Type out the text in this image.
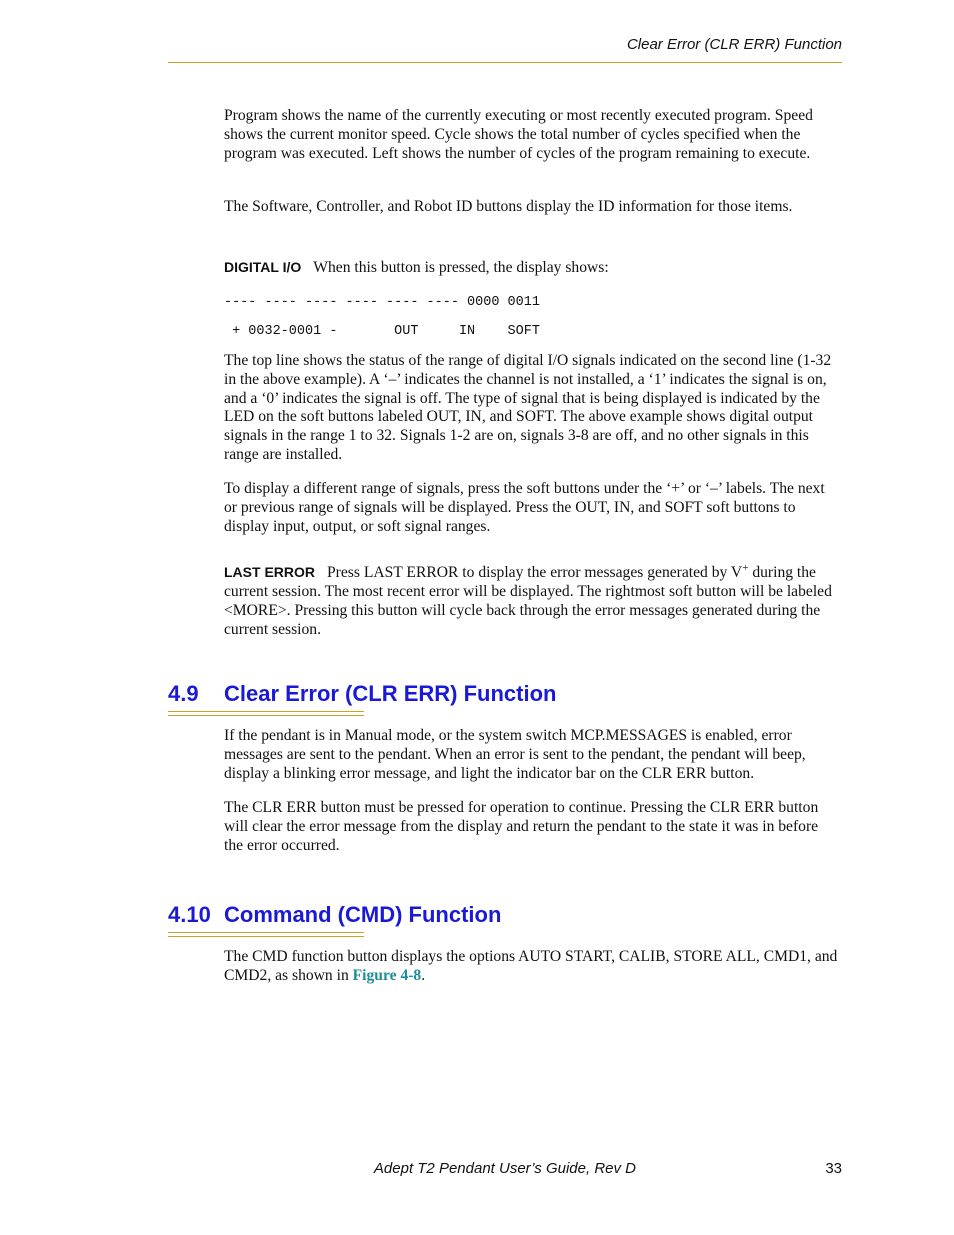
Clear Error (CLR ERR) Function

Program shows the name of the currently executing or most recently executed program. Speed shows the current monitor speed. Cycle shows the total number of cycles specified when the program was executed. Left shows the number of cycles of the program remaining to execute.

The Software, Controller, and Robot ID buttons display the ID information for those items.

DIGITAL I/O When this button is pressed, the display shows:

---- ---- ---- ---- ---- ---- 0000 0011
+ 0032-0001 -       OUT     IN    SOFT

The top line shows the status of the range of digital I/O signals indicated on the second line (1-32 in the above example). A ‘–’ indicates the channel is not installed, a ‘1’ indicates the signal is on, and a ‘0’ indicates the signal is off. The type of signal that is being displayed is indicated by the LED on the soft buttons labeled OUT, IN, and SOFT. The above example shows digital output signals in the range 1 to 32. Signals 1-2 are on, signals 3-8 are off, and no other signals in this range are installed.

To display a different range of signals, press the soft buttons under the ‘+’ or ‘–’ labels. The next or previous range of signals will be displayed. Press the OUT, IN, and SOFT soft buttons to display input, output, or soft signal ranges.

LAST ERROR Press LAST ERROR to display the error messages generated by V+ during the current session. The most recent error will be displayed. The rightmost soft button will be labeled <MORE>. Pressing this button will cycle back through the error messages generated during the current session.

4.9 Clear Error (CLR ERR) Function

If the pendant is in Manual mode, or the system switch MCP.MESSAGES is enabled, error messages are sent to the pendant. When an error is sent to the pendant, the pendant will beep, display a blinking error message, and light the indicator bar on the CLR ERR button.

The CLR ERR button must be pressed for operation to continue. Pressing the CLR ERR button will clear the error message from the display and return the pendant to the state it was in before the error occurred.

4.10 Command (CMD) Function

The CMD function button displays the options AUTO START, CALIB, STORE ALL, CMD1, and CMD2, as shown in Figure 4-8.

Adept T2 Pendant User’s Guide, Rev D	33
